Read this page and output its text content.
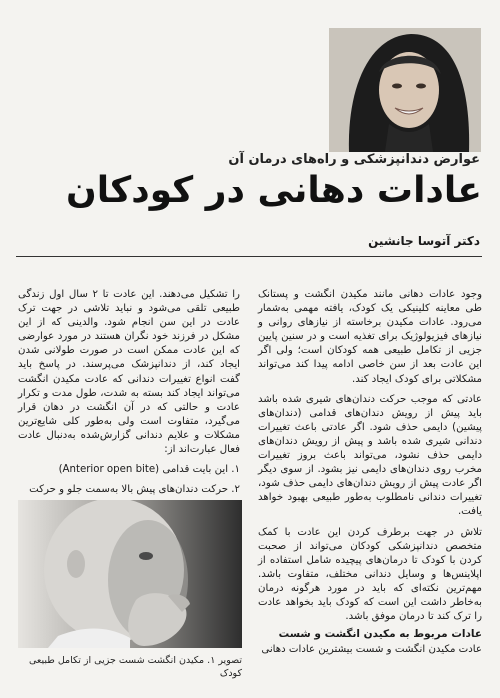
عوارض دندانپزشکی و راه‌های درمان آن
عادات دهانی در کودکان
دکتر آتوسا جانشین

وجود عادات دهانی مانند مکیدن انگشت و پستانک طی معاینه کلینیکی یک کودک، یافته مهمی به‌شمار می‌رود. عادات مکیدن برخاسته از نیازهای روانی و نیازهای فیزیولوژیک برای تغذیه است و در سنین پایین جزیی از تکامل طبیعی همه کودکان است؛ ولی اگر این عادت بعد از سن خاصی ادامه پیدا کند می‌تواند مشکلاتی برای کودک ایجاد کند.

عادتی که موجب حرکت دندان‌های شیری شده باشد باید پیش از رویش دندان‌های قدامی (دندان‌های پیشین) دایمی حذف شود. اگر عادتی باعث تغییرات دندانی شیری شده باشد و پیش از رویش دندان‌های دایمی حذف نشود، می‌تواند باعث بروز تغییرات مخرب روی دندان‌های دایمی نیز بشود. از سوی دیگر اگر عادت پیش از رویش دندان‌های دایمی حذف شود، تغییرات دندانی نامطلوب به‌طور طبیعی بهبود خواهد یافت.

تلاش در جهت برطرف کردن این عادت با کمک متخصص دندانپزشکی کودکان می‌تواند از صحبت کردن با کودک تا درمان‌های پیچیده شامل استفاده از اپلاینس‌ها و وسایل دندانی مختلف، متفاوت باشد. مهم‌ترین نکته‌ای که باید در مورد هرگونه درمان به‌خاطر داشت این است که کودک باید بخواهد عادت را ترک کند تا درمان موفق باشد.

را تشکیل می‌دهند. این عادت تا ۲ سال اول زندگی طبیعی تلقی می‌شود و نباید تلاشی در جهت ترک عادت در این سن انجام شود. والدینی که از این مشکل در فرزند خود نگران هستند در مورد عوارضی که این عادت ممکن است در صورت طولانی شدن ایجاد کند، از دندانپزشک می‌پرسند. در پاسخ باید گفت انواع تغییرات دندانی که عادت مکیدن انگشت می‌تواند ایجاد کند بسته به شدت، طول مدت و تکرار عادت و حالتی که در آن انگشت در دهان قرار می‌گیرد، متفاوت است ولی به‌طور کلی شایع‌ترین مشکلات و علایم دندانی گزارش‌شده به‌دنبال عادت فعال عبارت‌اند از:

۱. این بایت قدامی (Anterior open bite)

۲. حرکت دندان‌های پیش بالا به‌سمت جلو و حرکت

تصویر ۱. مکیدن انگشت شست جزیی از تکامل طبیعی کودک
عادات مربوط به مکیدن انگشت و شست
عادت مکیدن انگشت و شست بیشترین عادات دهانی
